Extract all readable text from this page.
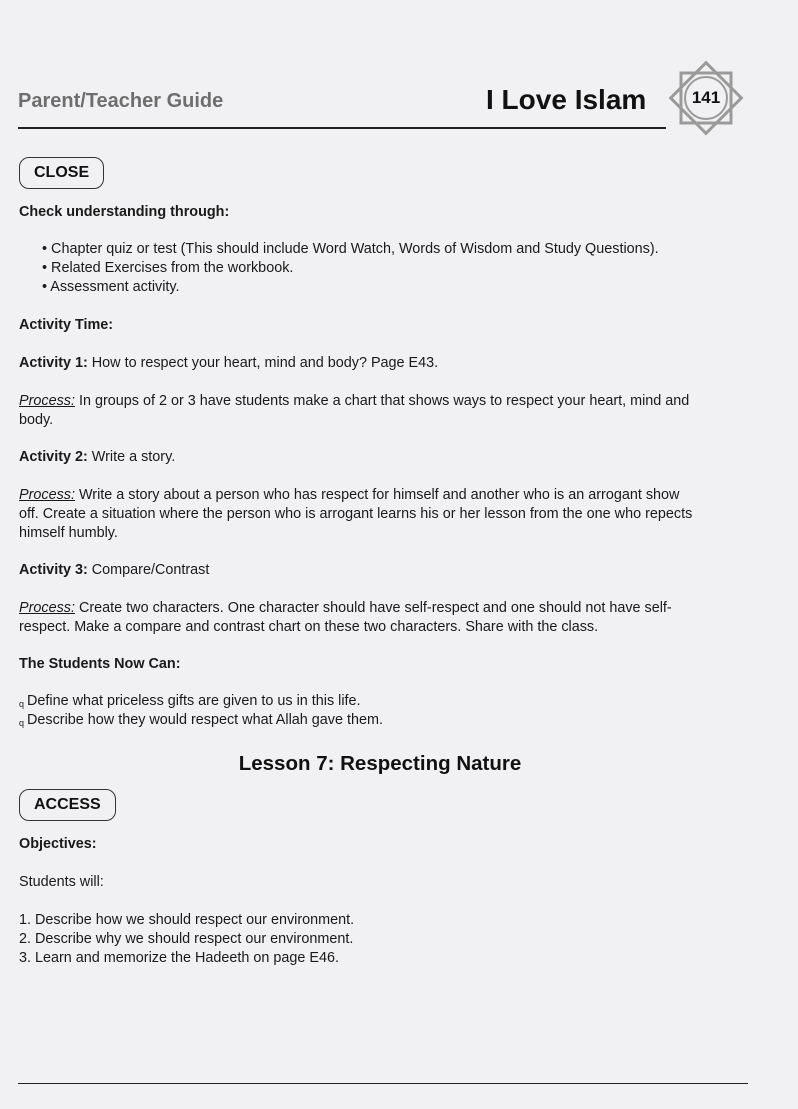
Parent/Teacher Guide	I Love Islam	141
CLOSE
Check understanding through:
• Chapter quiz or test (This should include Word Watch, Words of Wisdom and Study Questions).
• Related Exercises from the workbook.
• Assessment activity.
Activity Time:
Activity 1: How to respect your heart, mind and body? Page E43.
Process: In groups of 2 or 3 have students make a chart that shows ways to respect your heart, mind and
body.
Activity 2: Write a story.
Process: Write a story about a person who has respect for himself and another who is an arrogant show
off. Create a situation where the person who is arrogant learns his or her lesson from the one who repects
himself humbly.
Activity 3: Compare/Contrast
Process: Create two characters. One character should have self-respect and one should not have self-
respect. Make a compare and contrast chart on these two characters. Share with the class.
The Students Now Can:
q Define what priceless gifts are given to us in this life.
q Describe how they would respect what Allah gave them.
Lesson 7: Respecting Nature
ACCESS
Objectives:
Students will:
1. Describe how we should respect our environment.
2. Describe why we should respect our environment.
3. Learn and memorize the Hadeeth on page E46.
